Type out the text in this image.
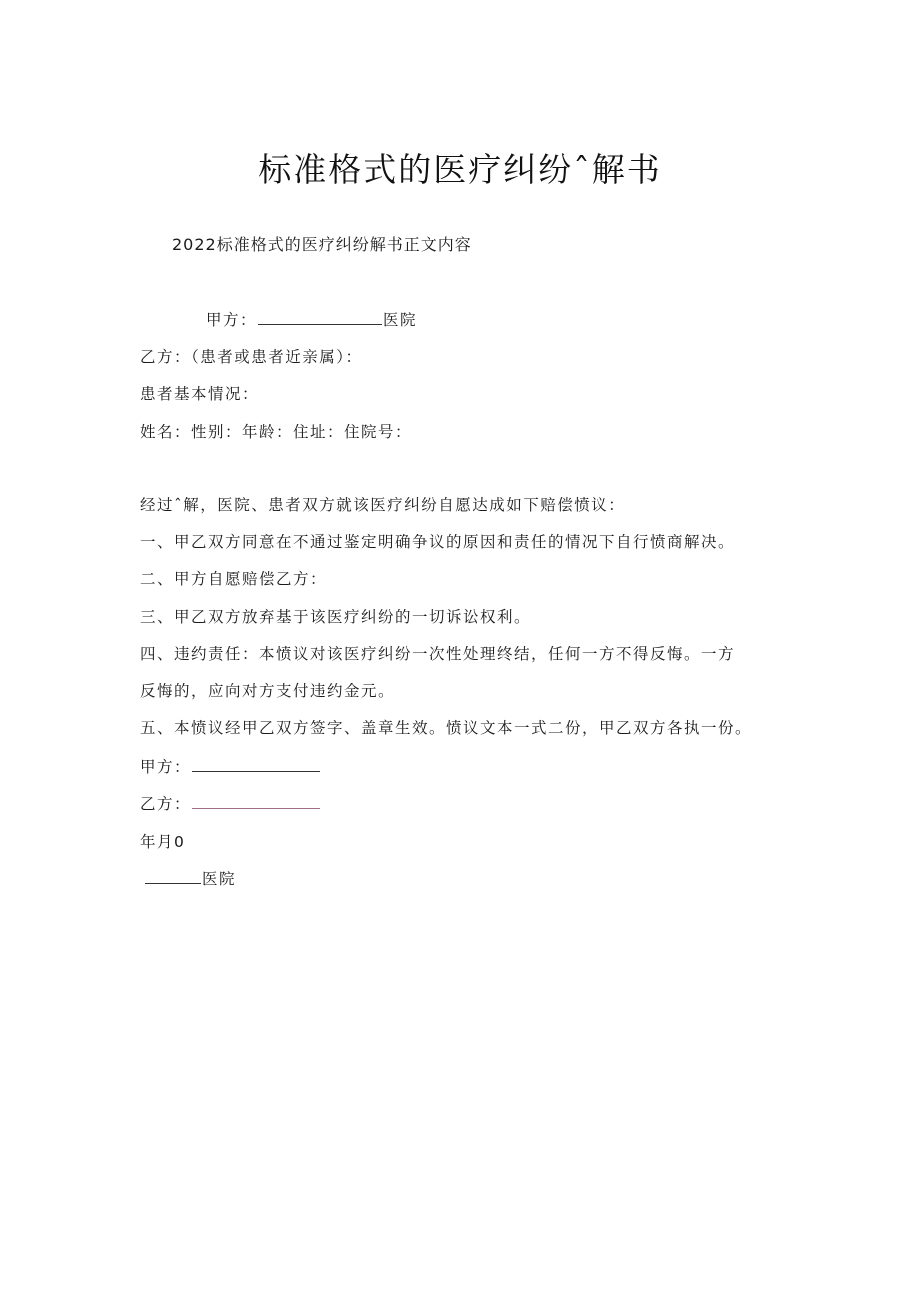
标准格式的医疗纠纷ˆ解书
2022标准格式的医疗纠纷解书正文内容
甲方：	医院
乙方：（患者或患者近亲属）：
患者基本情况：
姓名：性别：年龄：住址：住院号：
经过ˆ解，医院、患者双方就该医疗纠纷自愿达成如下赔偿愤议：
一、甲乙双方同意在不通过鉴定明确争议的原因和责任的情况下自行愤商解决。
二、甲方自愿赔偿乙方：
三、甲乙双方放弃基于该医疗纠纷的一切诉讼权利。
四、违约责任：本愤议对该医疗纠纷一次性处理终结，任何一方不得反悔。一方
反悔的，应向对方支付违约金元。
五、本愤议经甲乙双方签字、盖章生效。愤议文本一式二份，甲乙双方各执一份。
甲方：
乙方：
年月0
医院
